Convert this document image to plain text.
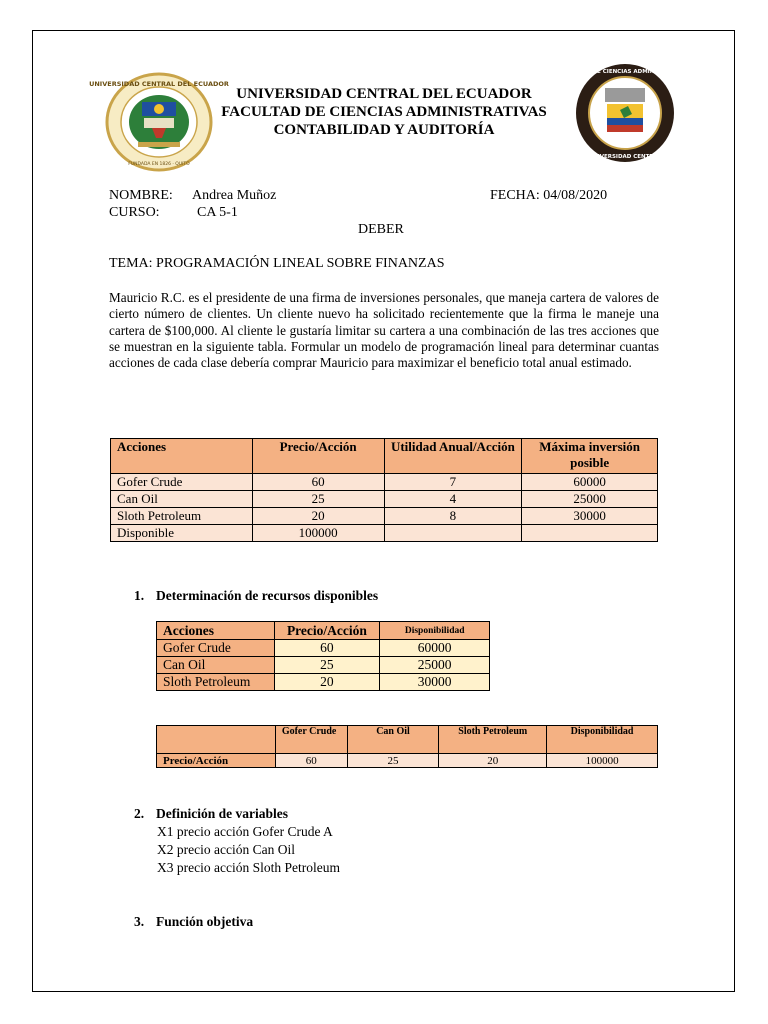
UNIVERSIDAD CENTRAL DEL ECUADOR
FUNDADA EN 1826 · QUITO
UNIVERSIDAD CENTRAL DEL ECUADOR
FACULTAD DE CIENCIAS ADMINISTRATIVAS
CONTABILIDAD Y AUDITORÍA
FACULTAD DE CIENCIAS ADMINISTRATIVAS
UNIVERSIDAD CENTRAL
NOMBRE: Andrea Muñoz	FECHA: 04/08/2020
CURSO:	CA 5-1
DEBER
TEMA: PROGRAMACIÓN LINEAL SOBRE FINANZAS
Mauricio R.C. es el presidente de una firma de inversiones personales, que maneja cartera de valores de cierto número de clientes. Un cliente nuevo ha solicitado recientemente que la firma le maneje una cartera de $100,000. Al cliente le gustaría limitar su cartera a una combinación de las tres acciones que se muestran en la siguiente tabla. Formular un modelo de programación lineal para determinar cuantas acciones de cada clase debería comprar Mauricio para maximizar el beneficio total anual estimado.
Acciones	Precio/Acción	Utilidad Anual/Acción	Máxima inversión posible
Gofer Crude	60	7	60000
Can Oil	25	4	25000
Sloth Petroleum	20	8	30000
Disponible	100000		
1. Determinación de recursos disponibles
Acciones	Precio/Acción	Disponibilidad
Gofer Crude	60	60000
Can Oil	25	25000
Sloth Petroleum	20	30000
	Gofer Crude	Can Oil	Sloth Petroleum	Disponibilidad
Precio/Acción	60	25	20	100000
2. Definición de variables
X1 precio acción Gofer Crude A
X2 precio acción Can Oil
X3 precio acción Sloth Petroleum
3. Función objetiva
